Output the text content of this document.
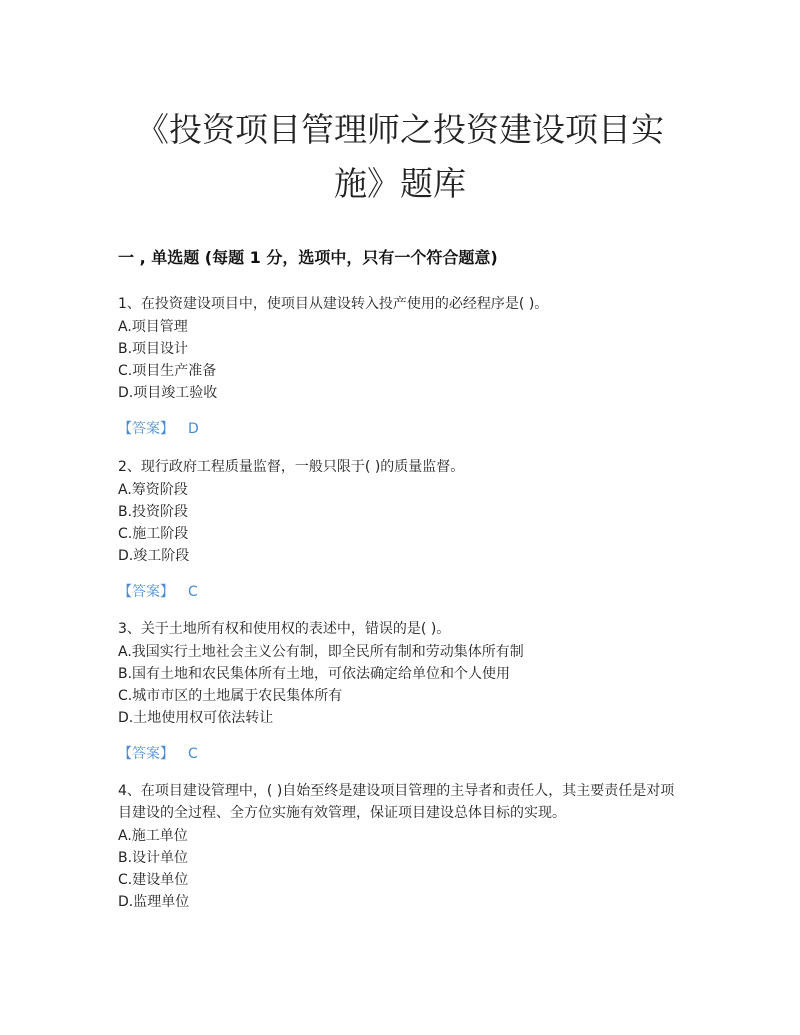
《投资项目管理师之投资建设项目实
施》题库
一 , 单选题 (每题 1 分，选项中，只有一个符合题意)

1、在投资建设项目中，使项目从建设转入投产使用的必经程序是( )。

A.项目管理

B.项目设计

C.项目生产准备

D.项目竣工验收

【答案】 D

2、现行政府工程质量监督，一般只限于( )的质量监督。

A.筹资阶段

B.投资阶段

C.施工阶段

D.竣工阶段

【答案】 C

3、关于土地所有权和使用权的表述中，错误的是( )。

A.我国实行土地社会主义公有制，即全民所有制和劳动集体所有制

B.国有土地和农民集体所有土地，可依法确定给单位和个人使用

C.城市市区的土地属于农民集体所有

D.土地使用权可依法转让

【答案】 C

4、在项目建设管理中，( )自始至终是建设项目管理的主导者和责任人，其主要责任是对项目建设的全过程、全方位实施有效管理，保证项目建设总体目标的实现。

A.施工单位

B.设计单位

C.建设单位

D.监理单位
